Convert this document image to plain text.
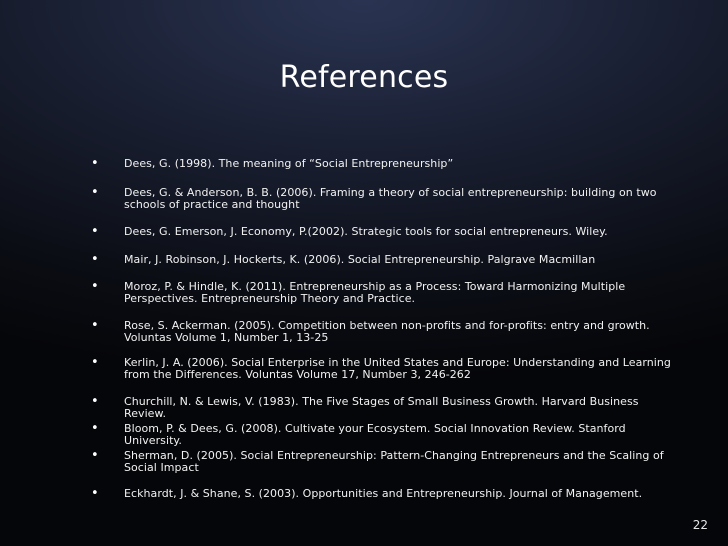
References
• Dees, G. (1998). The meaning of “Social Entrepreneurship”
• Dees, G. & Anderson, B. B. (2006). Framing a theory of social entrepreneurship: building on two schools of practice and thought
• Dees, G. Emerson, J. Economy, P.(2002). Strategic tools for social entrepreneurs. Wiley.
• Mair, J. Robinson, J. Hockerts, K. (2006). Social Entrepreneurship. Palgrave Macmillan
• Moroz, P. & Hindle, K. (2011). Entrepreneurship as a Process: Toward Harmonizing Multiple Perspectives. Entrepreneurship Theory and Practice.
• Rose, S. Ackerman. (2005). Competition between non-profits and for-profits: entry and growth. Voluntas Volume 1, Number 1, 13-25
• Kerlin, J. A. (2006). Social Enterprise in the United States and Europe: Understanding and Learning from the Differences. Voluntas Volume 17, Number 3, 246-262
• Churchill, N. & Lewis, V. (1983). The Five Stages of Small Business Growth. Harvard Business Review.
• Bloom, P. & Dees, G. (2008). Cultivate your Ecosystem. Social Innovation Review. Stanford University.
• Sherman, D. (2005). Social Entrepreneurship: Pattern-Changing Entrepreneurs and the Scaling of Social Impact
• Eckhardt, J. & Shane, S. (2003). Opportunities and Entrepreneurship. Journal of Management.
22
